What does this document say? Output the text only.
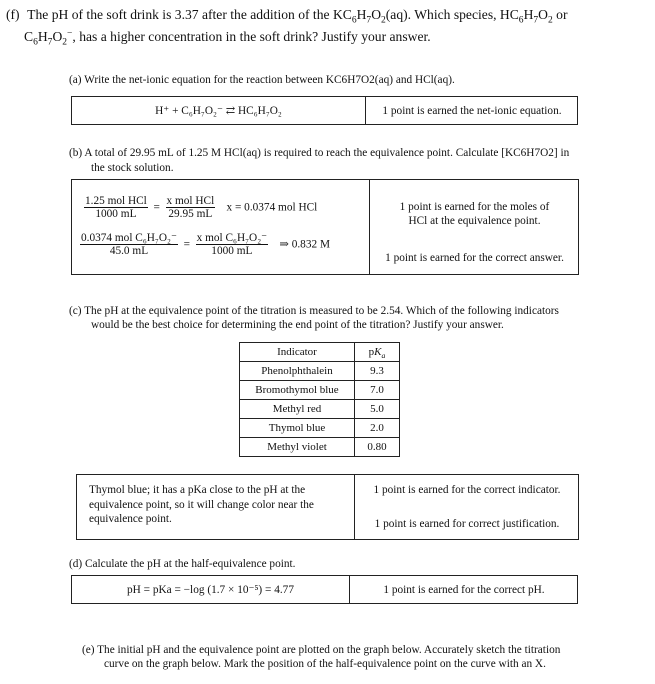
(f) The pH of the soft drink is 3.37 after the addition of the $KC_6H_7O_2(aq)$. Which species, $HC_6H_7O_2$ or
$C_6H_7O_2^-$, has a higher concentration in the soft drink? Justify your answer.
(a) Write the net-ionic equation for the reaction between KC6H7O2(aq) and HCl(aq).
H⁺ + C₆H₇O₂⁻ ⇄ HC₆H₇O₂	1 point is earned the net-ionic equation.
(b) A total of 29.95 mL of 1.25 M HCl(aq) is required to reach the equivalence point. Calculate [KC6H7O2] in
the stock solution.
$\frac{\text{1.25 mol HCl}}{1000 mL} = \frac{\text{x mol HCl}}{29.95 mL}$ x = 0.0374 mol HCl
$\frac{\text{0.0374 mol C₆H₇O₂⁻}}{45.0 mL} = \frac{\text{x mol C₆H₇O₂⁻}}{1000 mL}$ ⇒ 0.832 M
1 point is earned for the moles of
HCl at the equivalence point.
1 point is earned for the correct answer.
(c) The pH at the equivalence point of the titration is measured to be 2.54. Which of the following indicators
would be the best choice for determining the end point of the titration? Justify your answer.
Indicator	$pK_a$
Phenolphthalein	9.3
Bromothymol blue	7.0
Methyl red	5.0
Thymol blue	2.0
Methyl violet	0.80
Thymol blue; it has a pKa close to the pH at the
equivalence point, so it will change color near the
equivalence point.
1 point is earned for the correct indicator.
1 point is earned for correct justification.
(d) Calculate the pH at the half-equivalence point.
pH = pKa = −log (1.7 × 10⁻⁵) = 4.77	1 point is earned for the correct pH.
(e) The initial pH and the equivalence point are plotted on the graph below. Accurately sketch the titration
curve on the graph below. Mark the position of the half-equivalence point on the curve with an X.
